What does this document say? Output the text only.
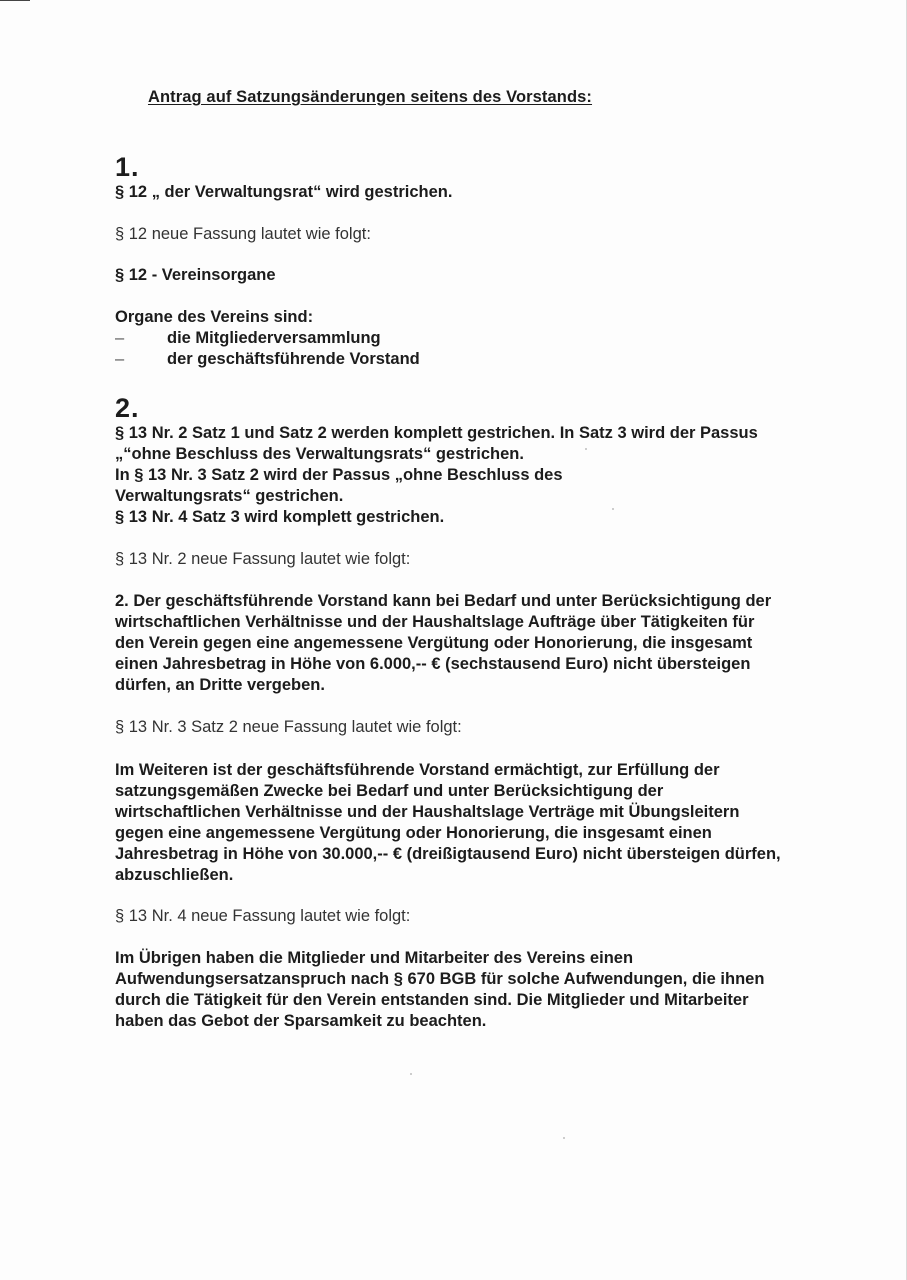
Antrag auf Satzungsänderungen seitens des Vorstands:
1.
§ 12 „ der Verwaltungsrat“ wird gestrichen.
§ 12 neue Fassung lautet wie folgt:
§ 12 - Vereinsorgane
Organe des Vereins sind:
–	die Mitgliederversammlung
–	der geschäftsführende Vorstand
2.

§ 13 Nr. 2 Satz 1 und Satz 2 werden komplett gestrichen. In Satz 3 wird der Passus

„“ohne Beschluss des Verwaltungsrats“ gestrichen.

In § 13 Nr. 3 Satz 2 wird der Passus „ohne Beschluss des

Verwaltungsrats“ gestrichen.

§ 13 Nr. 4 Satz 3 wird komplett gestrichen.

§ 13 Nr. 2 neue Fassung lautet wie folgt:

2. Der geschäftsführende Vorstand kann bei Bedarf und unter Berücksichtigung der

wirtschaftlichen Verhältnisse und der Haushaltslage Aufträge über Tätigkeiten für

den Verein gegen eine angemessene Vergütung oder Honorierung, die insgesamt

einen Jahresbetrag in Höhe von 6.000,-- € (sechstausend Euro) nicht übersteigen

dürfen, an Dritte vergeben.

§ 13 Nr. 3 Satz 2 neue Fassung lautet wie folgt:

Im Weiteren ist der geschäftsführende Vorstand ermächtigt, zur Erfüllung der

satzungsgemäßen Zwecke bei Bedarf und unter Berücksichtigung der

wirtschaftlichen Verhältnisse und der Haushaltslage Verträge mit Übungsleitern

gegen eine angemessene Vergütung oder Honorierung, die insgesamt einen

Jahresbetrag in Höhe von 30.000,-- € (dreißigtausend Euro) nicht übersteigen dürfen,

abzuschließen.

§ 13 Nr. 4 neue Fassung lautet wie folgt:

Im Übrigen haben die Mitglieder und Mitarbeiter des Vereins einen

Aufwendungsersatzanspruch nach § 670 BGB für solche Aufwendungen, die ihnen

durch die Tätigkeit für den Verein entstanden sind. Die Mitglieder und Mitarbeiter

haben das Gebot der Sparsamkeit zu beachten.
